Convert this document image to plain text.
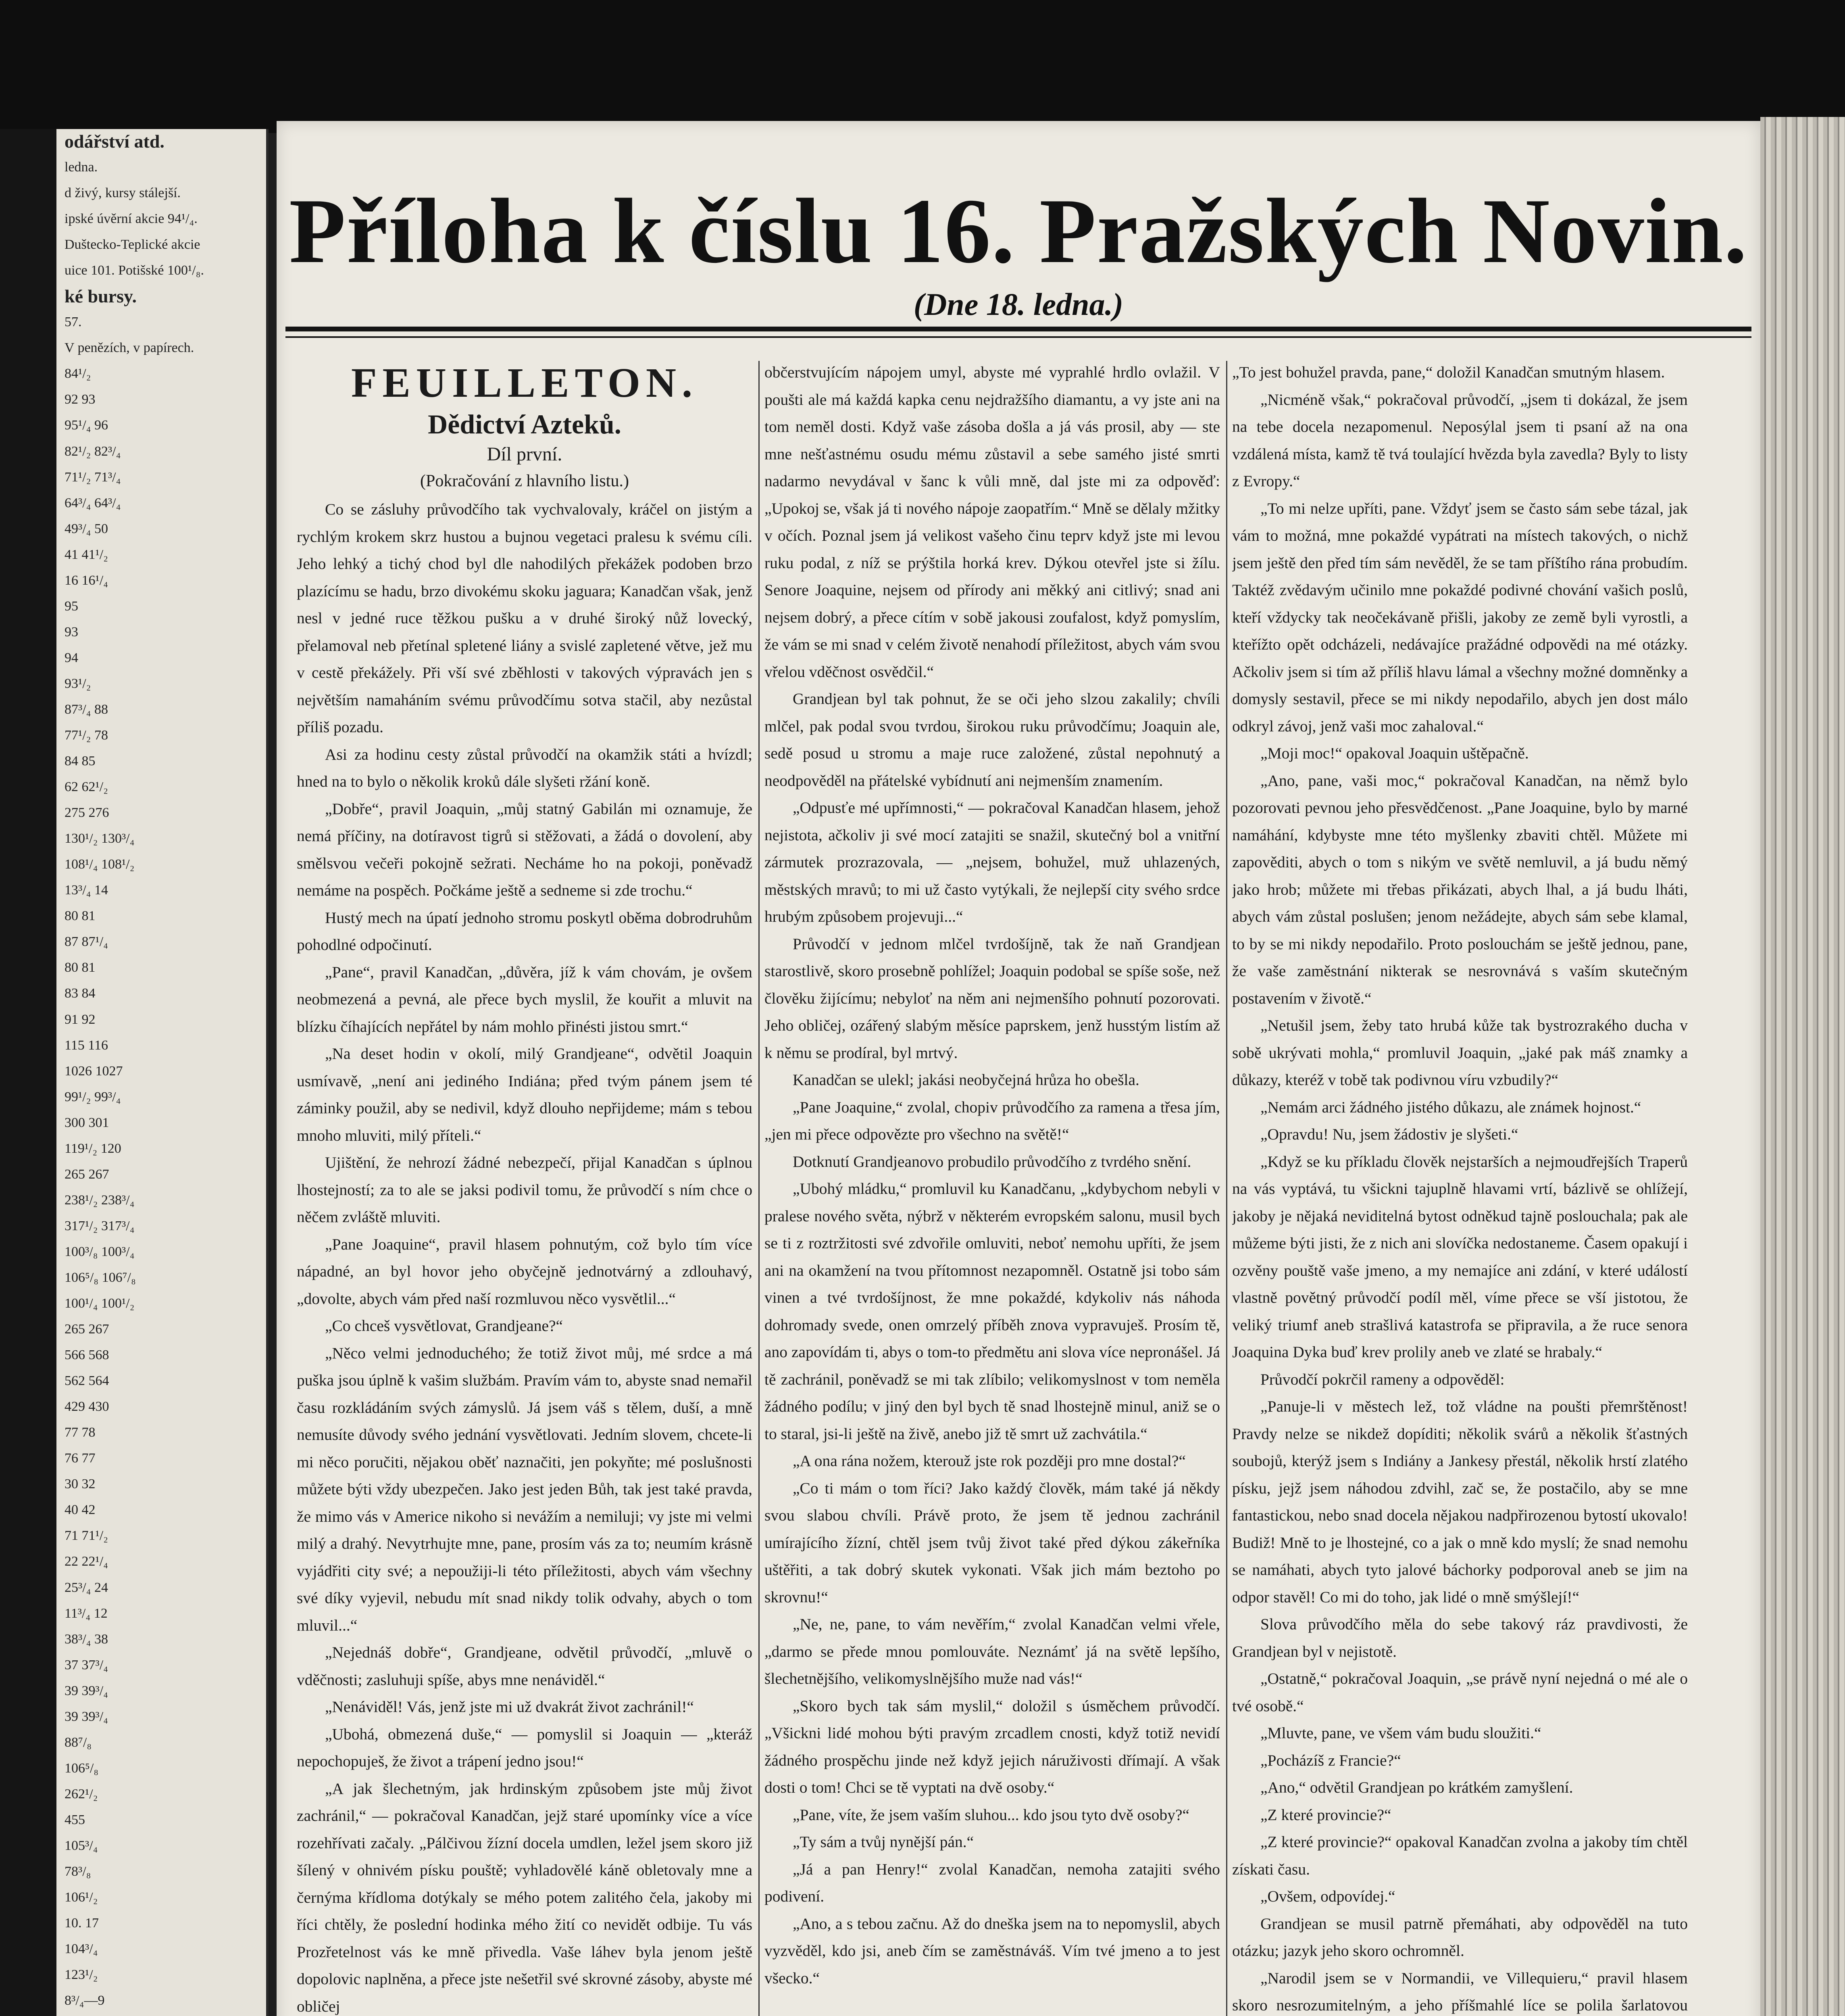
odářství atd.
ledna.
d živý, kursy stálejší.
ipské úvěrní akcie 94¹/₄.
Duštecko-Teplické akcie
uice 101. Potišské 100¹/₈.
ké bursy.
57.
V penězích, v papírech.
84¹/₂
92 93
95¹/₄ 96
82¹/₂ 82³/₄
71¹/₂ 71³/₄
64³/₄ 64³/₄
49³/₄ 50
41 41¹/₂
16 16¹/₄
95
93
94
93¹/₂
87³/₄ 88
77¹/₂ 78
84 85
62 62¹/₂
275 276
130¹/₂ 130³/₄
108¹/₄ 108¹/₂
13³/₄ 14
80 81
87 87¹/₄
80 81
83 84
91 92
115 116
1026 1027
99¹/₂ 99³/₄
300 301
119¹/₂ 120
265 267
238¹/₂ 238³/₄
317¹/₂ 317³/₄
100³/₈ 100³/₄
106⁵/₈ 106⁷/₈
100¹/₄ 100¹/₂
265 267
566 568
562 564
429 430
77 78
76 77
30 32
40 42
71 71¹/₂
22 22¹/₄
25³/₄ 24
11³/₄ 12
38³/₄ 38
37 37³/₄
39 39³/₄
39 39³/₄
88⁷/₈
106⁵/₈
262¹/₂
455
105³/₄
78³/₈
106¹/₂
10. 17
104³/₄
123¹/₂
8³/₄—9
Příloha k číslu 16. Pražských Novin.
(Dne 18. ledna.)
FEUILLETON.
Dědictví Azteků.
Díl první.
(Pokračování z hlavního listu.)

Co se zásluhy průvodčího tak vychvalovaly, kráčel on jistým a rychlým krokem skrz hustou a bujnou vegetaci pralesu k svému cíli. Jeho lehký a tichý chod byl dle nahodilých překážek podoben brzo plazícímu se hadu, brzo divokému skoku jaguara; Kanadčan však, jenž nesl v jedné ruce těžkou pušku a v druhé široký nůž lovecký, přelamoval neb přetínal spletené liány a svislé zapletené větve, jež mu v cestě překážely. Při vší své zběhlosti v takových výpravách jen s největším namaháním svému průvodčímu sotva stačil, aby nezůstal příliš pozadu.

Asi za hodinu cesty zůstal průvodčí na okamžik státi a hvízdl; hned na to bylo o několik kroků dále slyšeti ržání koně.

„Dobře“, pravil Joaquin, „můj statný Gabilán mi oznamuje, že nemá příčiny, na dotíravost tigrů si stěžovati, a žádá o dovolení, aby smělsvou večeři pokojně sežrati. Necháme ho na pokoji, poněvadž nemáme na pospěch. Počkáme ještě a sedneme si zde trochu.“

Hustý mech na úpatí jednoho stromu poskytl oběma dobrodruhům pohodlné odpočinutí.

„Pane“, pravil Kanadčan, „důvěra, jíž k vám chovám, je ovšem neobmezená a pevná, ale přece bych myslil, že kouřit a mluvit na blízku číhajících nepřátel by nám mohlo přinésti jistou smrt.“

„Na deset hodin v okolí, milý Grandjeane“, odvětil Joaquin usmívavě, „není ani jediného Indiána; před tvým pánem jsem té záminky použil, aby se nedivil, když dlouho nepřijdeme; mám s tebou mnoho mluviti, milý příteli.“

Ujištění, že nehrozí žádné nebezpečí, přijal Kanadčan s úplnou lhostejností; za to ale se jaksi podivil tomu, že průvodčí s ním chce o něčem zvláště mluviti.

„Pane Joaquine“, pravil hlasem pohnutým, což bylo tím více nápadné, an byl hovor jeho obyčejně jednotvárný a zdlouhavý, „dovolte, abych vám před naší rozmluvou něco vysvětlil...“

„Co chceš vysvětlovat, Grandjeane?“

„Něco velmi jednoduchého; že totiž život můj, mé srdce a má puška jsou úplně k vašim službám. Pravím vám to, abyste snad nemařil času rozkládáním svých zámyslů. Já jsem váš s tělem, duší, a mně nemusíte důvody svého jednání vysvětlovati. Jedním slovem, chcete-li mi něco poručiti, nějakou oběť naznačiti, jen pokyňte; mé poslušnosti můžete býti vždy ubezpečen. Jako jest jeden Bůh, tak jest také pravda, že mimo vás v Americe nikoho si nevážím a nemiluji; vy jste mi velmi milý a drahý. Nevytrhujte mne, pane, prosím vás za to; neumím krásně vyjádřiti city své; a nepoužiji-li této příležitosti, abych vám všechny své díky vyjevil, nebudu mít snad nikdy tolik odvahy, abych o tom mluvil...“

„Nejednáš dobře“, Grandjeane, odvětil průvodčí, „mluvě o vděčnosti; zasluhuji spíše, abys mne nenáviděl.“

„Nenáviděl! Vás, jenž jste mi už dvakrát život zachránil!“

„Ubohá, obmezená duše,“ — pomyslil si Joaquin — „kteráž nepochopuješ, že život a trápení jedno jsou!“

„A jak šlechetným, jak hrdinským způsobem jste můj život zachránil,“ — pokračoval Kanadčan, jejž staré upomínky více a více rozehřívati začaly. „Pálčivou žízní docela umdlen, ležel jsem skoro již šílený v ohnivém písku pouště; vyhladovělé káně obletovaly mne a černýma křídloma dotýkaly se mého potem zalitého čela, jakoby mi říci chtěly, že poslední hodinka mého žití co nevidět odbije. Tu vás Prozřetelnost vás ke mně přivedla. Vaše láhev byla jenom ještě dopolovic naplněna, a přece jste nešetřil své skrovné zásoby, abyste mé obličej

občerstvujícím nápojem umyl, abyste mé vyprahlé hrdlo ovlažil. V poušti ale má každá kapka cenu nejdražšího diamantu, a vy jste ani na tom neměl dosti. Když vaše zásoba došla a já vás prosil, aby — ste mne nešťastnému osudu mému zůstavil a sebe samého jisté smrti nadarmo nevydával v šanc k vůli mně, dal jste mi za odpověď: „Upokoj se, však já ti nového nápoje zaopatřím.“ Mně se dělaly mžitky v očích. Poznal jsem já velikost vašeho činu teprv když jste mi levou ruku podal, z níž se prýštila horká krev. Dýkou otevřel jste si žílu. Senore Joaquine, nejsem od přírody ani měkký ani citlivý; snad ani nejsem dobrý, a přece cítím v sobě jakousi zoufalost, když pomyslím, že vám se mi snad v celém životě nenahodí příležitost, abych vám svou vřelou vděčnost osvědčil.“

Grandjean byl tak pohnut, že se oči jeho slzou zakalily; chvíli mlčel, pak podal svou tvrdou, širokou ruku průvodčímu; Joaquin ale, sedě posud u stromu a maje ruce založené, zůstal nepohnutý a neodpověděl na přátelské vybídnutí ani nejmenším znamením.

„Odpusťe mé upřímnosti,“ — pokračoval Kanadčan hlasem, jehož nejistota, ačkoliv ji své mocí zatajiti se snažil, skutečný bol a vnitřní zármutek prozrazovala, — „nejsem, bohužel, muž uhlazených, městských mravů; to mi už často vytýkali, že nejlepší city svého srdce hrubým způsobem projevuji...“

Průvodčí v jednom mlčel tvrdošíjně, tak že naň Grandjean starostlivě, skoro prosebně pohlížel; Joaquin podobal se spíše soše, než člověku žijícímu; nebyloť na něm ani nejmenšího pohnutí pozorovati. Jeho obličej, ozářený slabým měsíce paprskem, jenž husstým listím až k němu se prodíral, byl mrtvý.

Kanadčan se ulekl; jakási neobyčejná hrůza ho obešla.

„Pane Joaquine,“ zvolal, chopiv průvodčího za ramena a třesa jím, „jen mi přece odpovězte pro všechno na světě!“

Dotknutí Grandjeanovo probudilo průvodčího z tvrdého snění.

„Ubohý mládku,“ promluvil ku Kanadčanu, „kdybychom nebyli v pralese nového světa, nýbrž v některém evropském salonu, musil bych se ti z roztržitosti své zdvořile omluviti, neboť nemohu upříti, že jsem ani na okamžení na tvou přítomnost nezapomněl. Ostatně jsi tobo sám vinen a tvé tvrdošíjnost, že mne pokaždé, kdykoliv nás náhoda dohromady svede, onen omrzelý příběh znova vypravuješ. Prosím tě, ano zapovídám ti, abys o tom-to předmětu ani slova více nepronášel. Já tě zachránil, poněvadž se mi tak zlíbilo; velikomyslnost v tom neměla žádného podílu; v jiný den byl bych tě snad lhostejně minul, aniž se o to staral, jsi-li ještě na živě, anebo již tě smrt už zachvátila.“

„A ona rána nožem, kterouž jste rok později pro mne dostal?“

„Co ti mám o tom říci? Jako každý člověk, mám také já někdy svou slabou chvíli. Právě proto, že jsem tě jednou zachránil umírajícího žízní, chtěl jsem tvůj život také před dýkou zákeřníka uštěřiti, a tak dobrý skutek vykonati. Však jich mám beztoho po skrovnu!“

„Ne, ne, pane, to vám nevěřím,“ zvolal Kanadčan velmi vřele, „darmo se přede mnou pomlouváte. Neznámť já na světě lepšího, šlechetnějšího, velikomyslnějšího muže nad vás!“

„Skoro bych tak sám myslil,“ doložil s úsměchem průvodčí. „Všickni lidé mohou býti pravým zrcadlem cnosti, když totiž nevidí žádného prospěchu jinde než když jejich náruživosti dřímají. A však dosti o tom! Chci se tě vyptati na dvě osoby.“

„Pane, víte, že jsem vaším sluhou... kdo jsou tyto dvě osoby?“

„Ty sám a tvůj nynější pán.“

„Já a pan Henry!“ zvolal Kanadčan, nemoha zatajiti svého podivení.

„Ano, a s tebou začnu. Až do dneška jsem na to nepomyslil, abych vyzvěděl, kdo jsi, aneb čím se zaměstnáváš. Vím tvé jmeno a to jest všecko.“

„To jest bohužel pravda, pane,“ doložil Kanadčan smutným hlasem.

„Nicméně však,“ pokračoval průvodčí, „jsem ti dokázal, že jsem na tebe docela nezapomenul. Neposýlal jsem ti psaní až na ona vzdálená místa, kamž tě tvá toulající hvězda byla zavedla? Byly to listy z Evropy.“

„To mi nelze upříti, pane. Vždyť jsem se často sám sebe tázal, jak vám to možná, mne pokaždé vypátrati na místech takových, o nichž jsem ještě den před tím sám nevěděl, že se tam příštího rána probudím. Taktéž zvědavým učinilo mne pokaždé podivné chování vašich poslů, kteří vždycky tak neočekávaně přišli, jakoby ze země byli vyrostli, a kteřížto opět odcházeli, nedávajíce pražádné odpovědi na mé otázky. Ačkoliv jsem si tím až příliš hlavu lámal a všechny možné domněnky a domysly sestavil, přece se mi nikdy nepodařilo, abych jen dost málo odkryl závoj, jenž vaši moc zahaloval.“

„Moji moc!“ opakoval Joaquin uštěpačně.

„Ano, pane, vaši moc,“ pokračoval Kanadčan, na němž bylo pozorovati pevnou jeho přesvědčenost. „Pane Joaquine, bylo by marné namáhání, kdybyste mne této myšlenky zbaviti chtěl. Můžete mi zapověditi, abych o tom s nikým ve světě nemluvil, a já budu němý jako hrob; můžete mi třebas přikázati, abych lhal, a já budu lháti, abych vám zůstal poslušen; jenom nežádejte, abych sám sebe klamal, to by se mi nikdy nepodařilo. Proto poslouchám se ještě jednou, pane, že vaše zaměstnání nikterak se nesrovnává s vaším skutečným postavením v životě.“

„Netušil jsem, žeby tato hrubá kůže tak bystrozrakého ducha v sobě ukrývati mohla,“ promluvil Joaquin, „jaké pak máš znamky a důkazy, kteréž v tobě tak podivnou víru vzbudily?“

„Nemám arci žádného jistého důkazu, ale známek hojnost.“

„Opravdu! Nu, jsem žádostiv je slyšeti.“

„Když se ku příkladu člověk nejstarších a nejmoudřejších Traperů na vás vyptává, tu všickni tajuplně hlavami vrtí, bázlivě se ohlížejí, jakoby je nějaká neviditelná bytost odněkud tajně poslouchala; pak ale můžeme býti jisti, že z nich ani slovíčka nedostaneme. Časem opakují i ozvěny pouště vaše jmeno, a my nemajíce ani zdání, v které událostí vlastně povětný průvodčí podíl měl, víme přece se vší jistotou, že veliký triumf aneb strašlivá katastrofa se připravila, a že ruce senora Joaquina Dyka buď krev prolily aneb ve zlaté se hrabaly.“

Průvodčí pokrčil rameny a odpověděl:

„Panuje-li v městech lež, tož vládne na poušti přemrštěnost! Pravdy nelze se nikdež dopíditi; několik svárů a několik šťastných soubojů, kterýž jsem s Indiány a Jankesy přestál, několik hrstí zlatého písku, jejž jsem náhodou zdvihl, zač se, že postačilo, aby se mne fantastickou, nebo snad docela nějakou nadpřirozenou bytostí ukovalo! Budiž! Mně to je lhostejné, co a jak o mně kdo myslí; že snad nemohu se namáhati, abych tyto jalové báchorky podporoval aneb se jim na odpor stavěl! Co mi do toho, jak lidé o mně smýšlejí!“

Slova průvodčího měla do sebe takový ráz pravdivosti, že Grandjean byl v nejistotě.

„Ostatně,“ pokračoval Joaquin, „se právě nyní nejedná o mé ale o tvé osobě.“

„Mluvte, pane, ve všem vám budu sloužiti.“

„Pocházíš z Francie?“

„Ano,“ odvětil Grandjean po krátkém zamyšlení.

„Z které provincie?“

„Z které provincie?“ opakoval Kanadčan zvolna a jakoby tím chtěl získati času.

„Ovšem, odpovídej.“

Grandjean se musil patrně přemáhati, aby odpověděl na tuto otázku; jazyk jeho skoro ochromněl.

„Narodil jsem se v Normandii, ve Villequieru,“ pravil hlasem skoro nesrozumitelným, a jeho příšmahlé líce se polila šarlatovou
